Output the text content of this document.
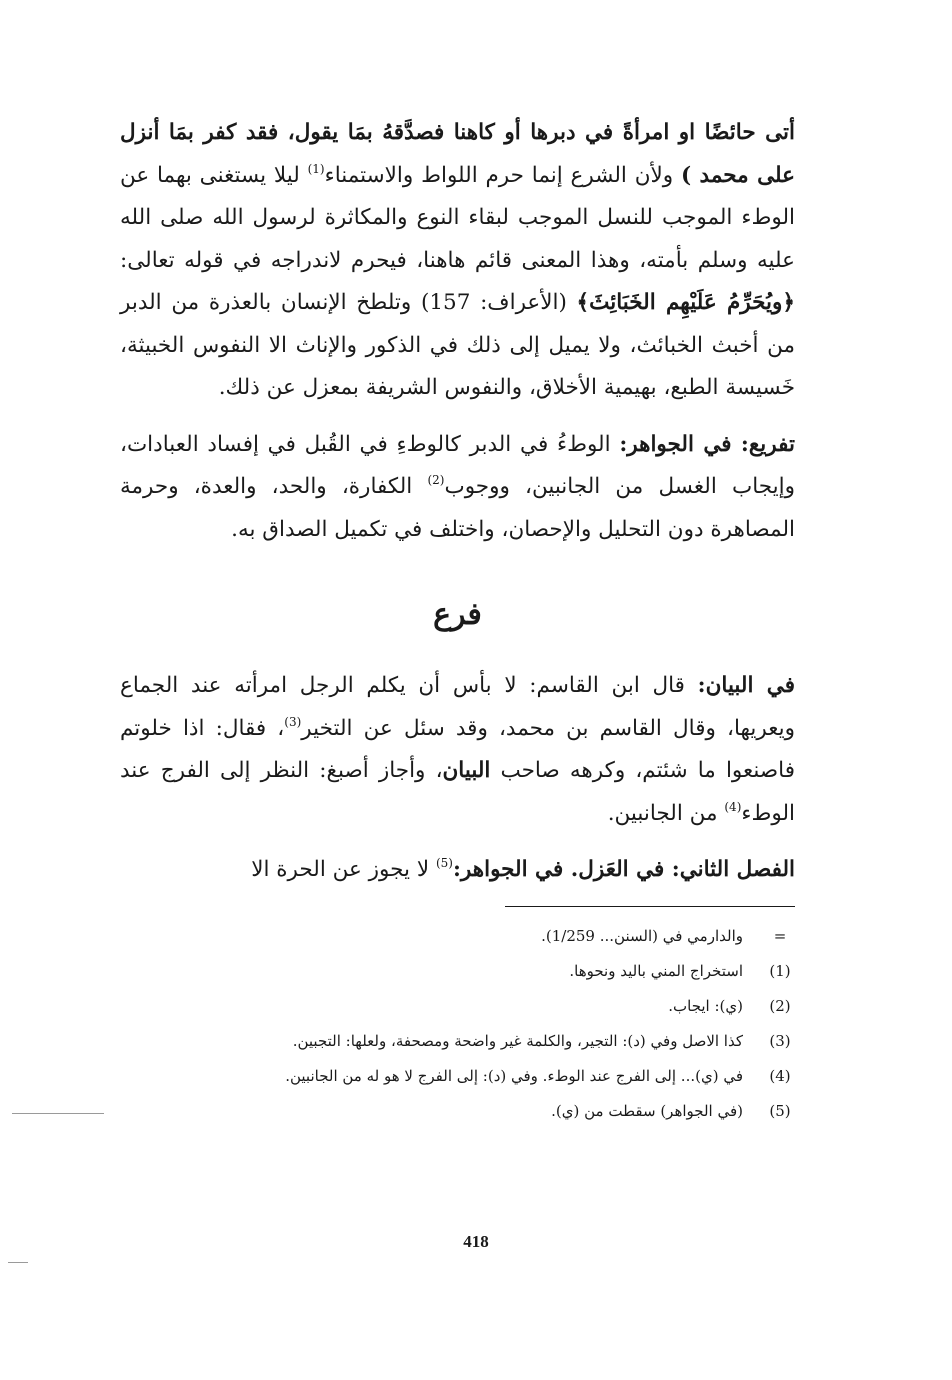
أتى حائضًا او امرأةً في دبرها أو كاهنا فصدَّقهُ بمَا يقول، فقد كفر بمَا أنزل على محمد ) ولأن الشرع إنما حرم اللواط والاستمناء$^{(1)}$ ليلا يستغنى بهما عن الوطء الموجب للنسل الموجب لبقاء النوع والمكاثرة لرسول الله صلى الله عليه وسلم بأمته، وهذا المعنى قائم هاهنا، فيحرم لاندراجه في قوله تعالى: ﴿ويُحَرِّمُ عَلَيْهِم الخَبَائِثَ﴾ (الأعراف: 157) وتلطخ الإنسان بالعذرة من الدبر من أخبث الخبائث، ولا يميل إلى ذلك في الذكور والإناث الا النفوس الخبيثة، خَسيسة الطبع، بهيمية الأخلاق، والنفوس الشريفة بمعزل عن ذلك.

تفريع: في الجواهر: الوطءُ في الدبر كالوطءِ في القُبل في إفساد العبادات، وإيجاب الغسل من الجانبين، ووجوب$^{(2)}$ الكفارة، والحد، والعدة، وحرمة المصاهرة دون التحليل والإحصان، واختلف في تكميل الصداق به.

فرع

في البيان: قال ابن القاسم: لا بأس أن يكلم الرجل امرأته عند الجماع ويعريها، وقال القاسم بن محمد، وقد سئل عن التخير$^{(3)}$، فقال: اذا خلوتم فاصنعوا ما شئتم، وكرهه صاحب البيان، وأجاز أصبغ: النظر إلى الفرج عند الوطء$^{(4)}$ من الجانبين.

الفصل الثاني: في العَزل. في الجواهر:$^{(5)}$ لا يجوز عن الحرة الا

=
والدارمي في (السنن... 1/259).
(1)
استخراج المني باليد ونحوها.
(2)
(ي): ايجاب.
(3)
كذا الاصل وفي (د): التجير، والكلمة غير واضحة ومصحفة، ولعلها: التجبين.
(4)
في (ي)... إلى الفرج عند الوطء. وفي (د): إلى الفرج لا هو له من الجانبين.
(5)
(في الجواهر) سقطت من (ي).
418
